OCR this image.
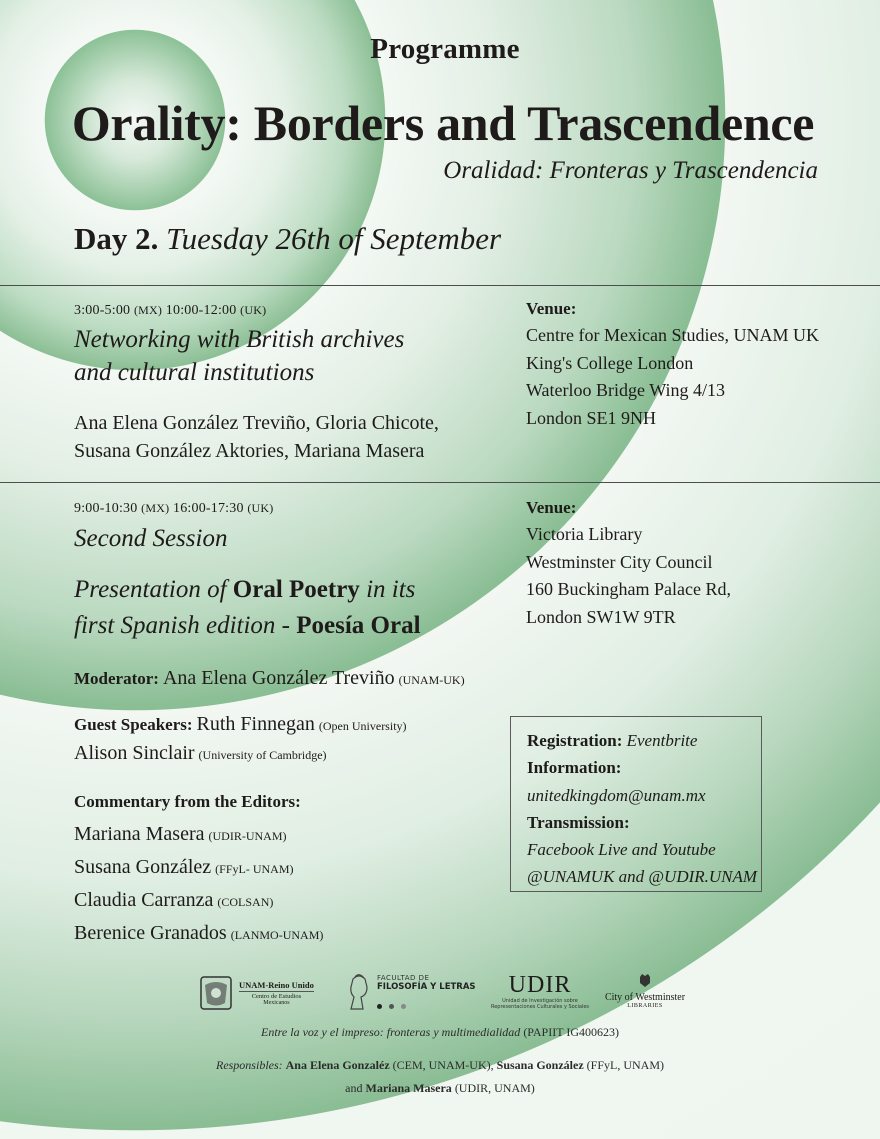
Programme
Orality: Borders and Trascendence
Oralidad: Fronteras y Trascendencia
Day 2. Tuesday 26th of September
3:00-5:00 (MX) 10:00-12:00 (UK)
Networking with British archives
and cultural institutions
Ana Elena González Treviño, Gloria Chicote,
Susana González Aktories, Mariana Masera
Venue:
Centre for Mexican Studies, UNAM UK
King's College London
Waterloo Bridge Wing 4/13
London SE1 9NH
9:00-10:30 (MX) 16:00-17:30 (UK)
Second Session
Presentation of Oral Poetry in its
first Spanish edition - Poesía Oral
Moderator: Ana Elena González Treviño (UNAM-UK)
Guest Speakers: Ruth Finnegan (Open University)
Alison Sinclair (University of Cambridge)
Commentary from the Editors:
Mariana Masera (UDIR-UNAM)
Susana González (FFyL- UNAM)
Claudia Carranza (COLSAN)
Berenice Granados (LANMO-UNAM)
Venue:
Victoria Library
Westminster City Council
160 Buckingham Palace Rd,
London SW1W 9TR
Registration: Eventbrite
Information:
unitedkingdom@unam.mx
Transmission:
Facebook Live and Youtube
@UNAMUK and @UDIR.UNAM
UNAM-Reino Unido
Centro de Estudios
Mexicanos
FACULTAD DE
FILOSOFÍA Y LETRAS
	UDIR
Unidad de Investigación sobre
Representaciones Culturales y Sociales
City of Westminster
LIBRARIES
Entre la voz y el impreso: fronteras y multimedialidad (PAPIIT IG400623)
Responsibles: Ana Elena Gonzaléz (CEM, UNAM-UK), Susana González (FFyL, UNAM)
and Mariana Masera (UDIR, UNAM)
